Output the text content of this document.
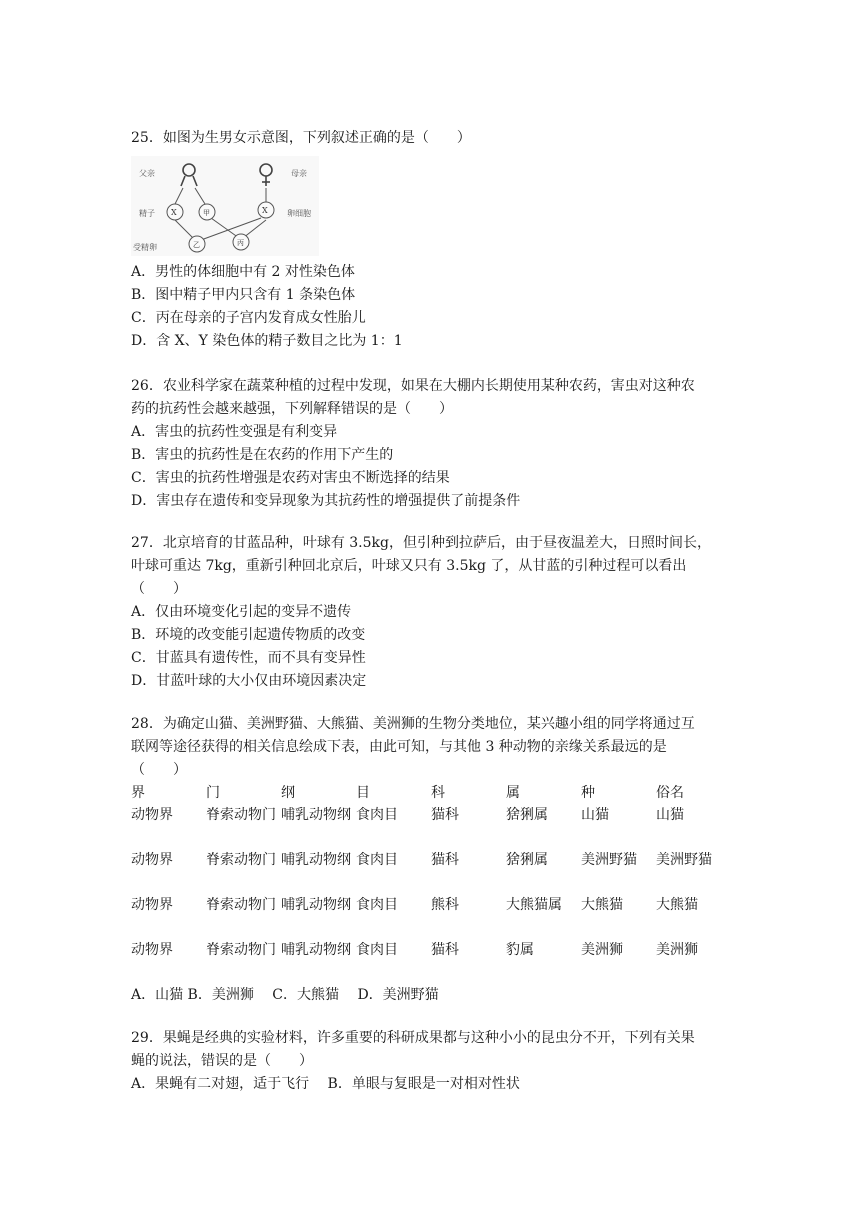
25．如图为生男女示意图，下列叙述正确的是（　　）
父亲	母亲
精子	卵细胞
受精卵
X	甲	X
乙	丙
A．男性的体细胞中有 2 对性染色体
B．图中精子甲内只含有 1 条染色体
C．丙在母亲的子宫内发育成女性胎儿
D．含 X、Y 染色体的精子数目之比为 1：1
26．农业科学家在蔬菜种植的过程中发现，如果在大棚内长期使用某种农药，害虫对这种农
药的抗药性会越来越强，下列解释错误的是（　　）
A．害虫的抗药性变强是有利变异
B．害虫的抗药性是在农药的作用下产生的
C．害虫的抗药性增强是农药对害虫不断选择的结果
D．害虫存在遗传和变异现象为其抗药性的增强提供了前提条件
27．北京培育的甘蓝品种，叶球有 3.5kg，但引种到拉萨后，由于昼夜温差大，日照时间长，
叶球可重达 7kg，重新引种回北京后，叶球又只有 3.5kg 了，从甘蓝的引种过程可以看出
（　　）
A．仅由环境变化引起的变异不遗传
B．环境的改变能引起遗传物质的改变
C．甘蓝具有遗传性，而不具有变异性
D．甘蓝叶球的大小仅由环境因素决定
28．为确定山猫、美洲野猫、大熊猫、美洲狮的生物分类地位，某兴趣小组的同学将通过互
联网等途径获得的相关信息绘成下表，由此可知，与其他 3 种动物的亲缘关系最远的是
（　　）
界	门	纲	目	科	属	种	俗名
动物界	脊索动物门	哺乳动物纲	食肉目	猫科	猞猁属	山猫	山猫
动物界	脊索动物门	哺乳动物纲	食肉目	猫科	猞猁属	美洲野猫	美洲野猫
动物界	脊索动物门	哺乳动物纲	食肉目	熊科	大熊猫属	大熊猫	大熊猫
动物界	脊索动物门	哺乳动物纲	食肉目	猫科	豹属	美洲狮	美洲狮
A．山猫 B．美洲狮　 C．大熊猫　 D．美洲野猫
29．果蝇是经典的实验材料，许多重要的科研成果都与这种小小的昆虫分不开，下列有关果
蝇的说法，错误的是（　　）
A．果蝇有二对翅，适于飞行　 B．单眼与复眼是一对相对性状
